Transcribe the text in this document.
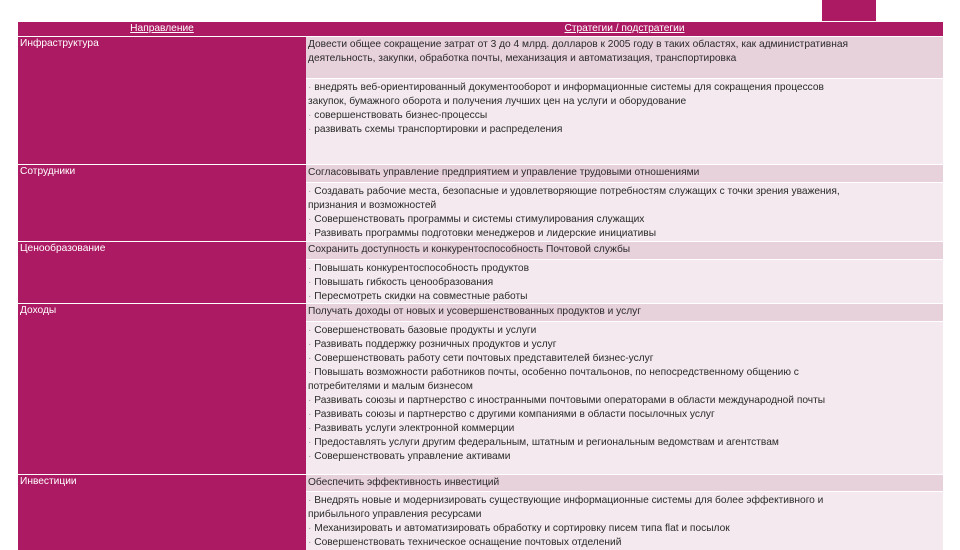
Направление	Стратегии / подстратегии
Инфраструктура	Довести общее сокращение затрат от 3 до 4 млрд. долларов к 2005 году в таких областях, как административная
деятельность, закупки, обработка почты, механизация и автоматизация, транспортировка
· внедрять веб-ориентированный документооборот и информационные системы для сокращения процессов
закупок, бумажного оборота и получения лучших цен на услуги и оборудование
· совершенствовать бизнес-процессы
· развивать схемы транспортировки и распределения
Сотрудники	Согласовывать управление предприятием и управление трудовыми отношениями
· Создавать рабочие места, безопасные и удовлетворяющие потребностям служащих с точки зрения уважения,
признания и возможностей
· Совершенствовать программы и системы стимулирования служащих
· Развивать программы подготовки менеджеров и лидерские инициативы
Ценообразование	Сохранить доступность и конкурентоспособность Почтовой службы
· Повышать конкурентоспособность продуктов
· Повышать гибкость ценообразования
· Пересмотреть скидки на совместные работы
Доходы	Получать доходы от новых и усовершенствованных продуктов и услуг
· Совершенствовать базовые продукты и услуги
· Развивать поддержку розничных продуктов и услуг
· Совершенствовать работу сети почтовых представителей бизнес-услуг
· Повышать возможности работников почты, особенно почтальонов, по непосредственному общению с
потребителями и малым бизнесом
· Развивать союзы и партнерство с иностранными почтовыми операторами в области международной почты
· Развивать союзы и партнерство с другими компаниями в области посылочных услуг
· Развивать услуги электронной коммерции
· Предоставлять услуги другим федеральным, штатным и региональным ведомствам и агентствам
· Совершенствовать управление активами
Инвестиции	Обеспечить эффективность инвестиций
· Внедрять новые и модернизировать существующие информационные системы для более эффективного и
прибыльного управления ресурсами
· Механизировать и автоматизировать обработку и сортировку писем типа flat и посылок
· Совершенствовать техническое оснащение почтовых отделений
